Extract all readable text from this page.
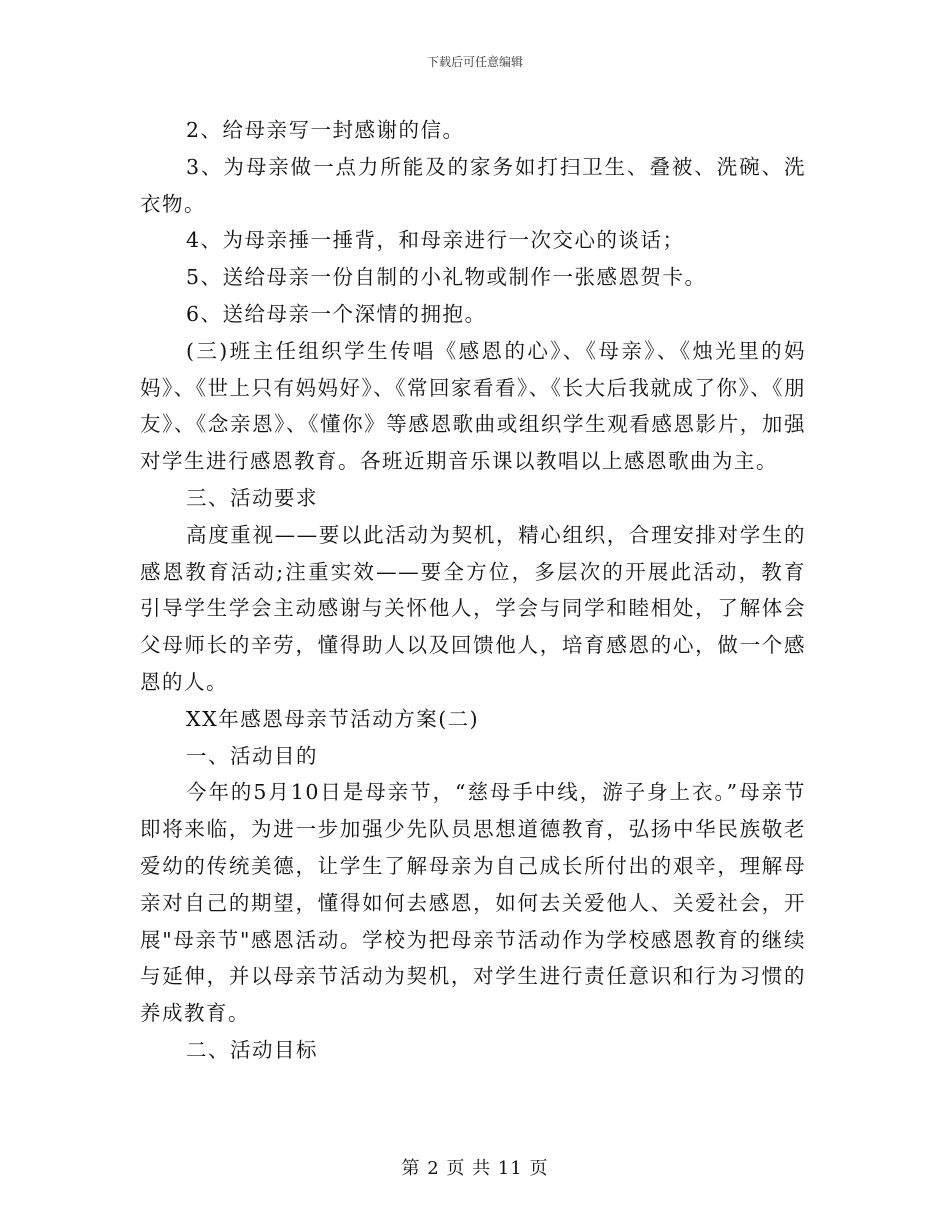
下载后可任意编辑

2、给母亲写一封感谢的信。

3、为母亲做一点力所能及的家务如打扫卫生、叠被、洗碗、洗衣物。

4、为母亲捶一捶背，和母亲进行一次交心的谈话；

5、送给母亲一份自制的小礼物或制作一张感恩贺卡。

6、送给母亲一个深情的拥抱。

(三)班主任组织学生传唱《感恩的心》、《母亲》、《烛光里的妈妈》、《世上只有妈妈好》、《常回家看看》、《长大后我就成了你》、《朋友》、《念亲恩》、《懂你》等感恩歌曲或组织学生观看感恩影片，加强对学生进行感恩教育。各班近期音乐课以教唱以上感恩歌曲为主。

三、活动要求

高度重视——要以此活动为契机，精心组织，合理安排对学生的感恩教育活动;注重实效——要全方位，多层次的开展此活动，教育引导学生学会主动感谢与关怀他人，学会与同学和睦相处，了解体会父母师长的辛劳，懂得助人以及回馈他人，培育感恩的心，做一个感恩的人。

XX年感恩母亲节活动方案(二)

一、活动目的

今年的5月10日是母亲节，“慈母手中线，游子身上衣。”母亲节即将来临，为进一步加强少先队员思想道德教育，弘扬中华民族敬老爱幼的传统美德，让学生了解母亲为自己成长所付出的艰辛，理解母亲对自己的期望，懂得如何去感恩，如何去关爱他人、关爱社会，开展"母亲节"感恩活动。学校为把母亲节活动作为学校感恩教育的继续与延伸，并以母亲节活动为契机，对学生进行责任意识和行为习惯的养成教育。

二、活动目标

第 2 页 共 11 页
